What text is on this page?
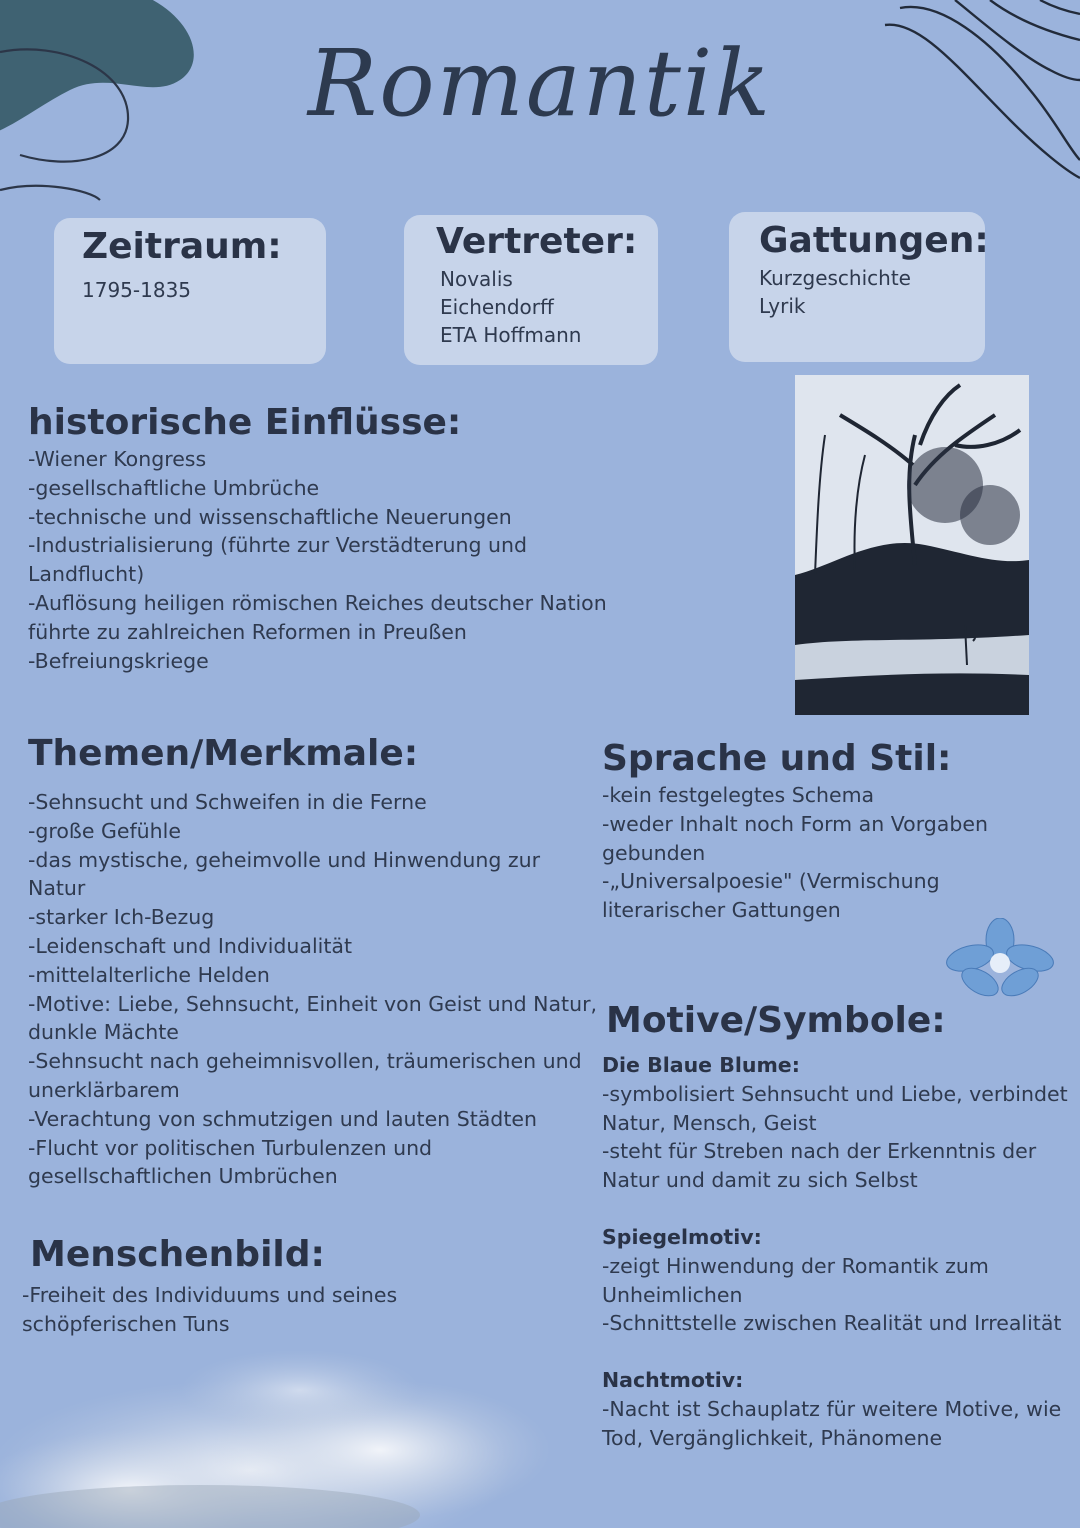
Romantik
Zeitraum:
1795-1835
Vertreter:
Novalis
Eichendorff
ETA Hoffmann
Gattungen:
Kurzgeschichte
Lyrik
historische Einflüsse:
-Wiener Kongress
-gesellschaftliche Umbrüche
-technische und wissenschaftliche Neuerungen
-Industrialisierung (führte zur Verstädterung und
Landflucht)
-Auflösung heiligen römischen Reiches deutscher Nation
führte zu zahlreichen Reformen in Preußen
-Befreiungskriege
Themen/Merkmale:
-Sehnsucht und Schweifen in die Ferne
-große Gefühle
-das mystische, geheimvolle und Hinwendung zur Natur
-starker Ich-Bezug
-Leidenschaft und Individualität
-mittelalterliche Helden
-Motive: Liebe, Sehnsucht, Einheit von Geist und Natur,
dunkle Mächte
-Sehnsucht nach geheimnisvollen, träumerischen und
unerklärbarem
-Verachtung von schmutzigen und lauten Städten
-Flucht vor politischen Turbulenzen und
gesellschaftlichen Umbrüchen
Sprache und Stil:
-kein festgelegtes Schema
-weder Inhalt noch Form an Vorgaben
gebunden
-„Universalpoesie" (Vermischung
literarischer Gattungen
Motive/Symbole:
Die Blaue Blume:
-symbolisiert Sehnsucht und Liebe, verbindet
Natur, Mensch, Geist
-steht für Streben nach der Erkenntnis der
Natur und damit zu sich Selbst
Spiegelmotiv:
-zeigt Hinwendung der Romantik zum
Unheimlichen
-Schnittstelle zwischen Realität und Irrealität
Nachtmotiv:
-Nacht ist Schauplatz für weitere Motive, wie
Tod, Vergänglichkeit, Phänomene
Menschenbild:
-Freiheit des Individuums und seines
schöpferischen Tuns
